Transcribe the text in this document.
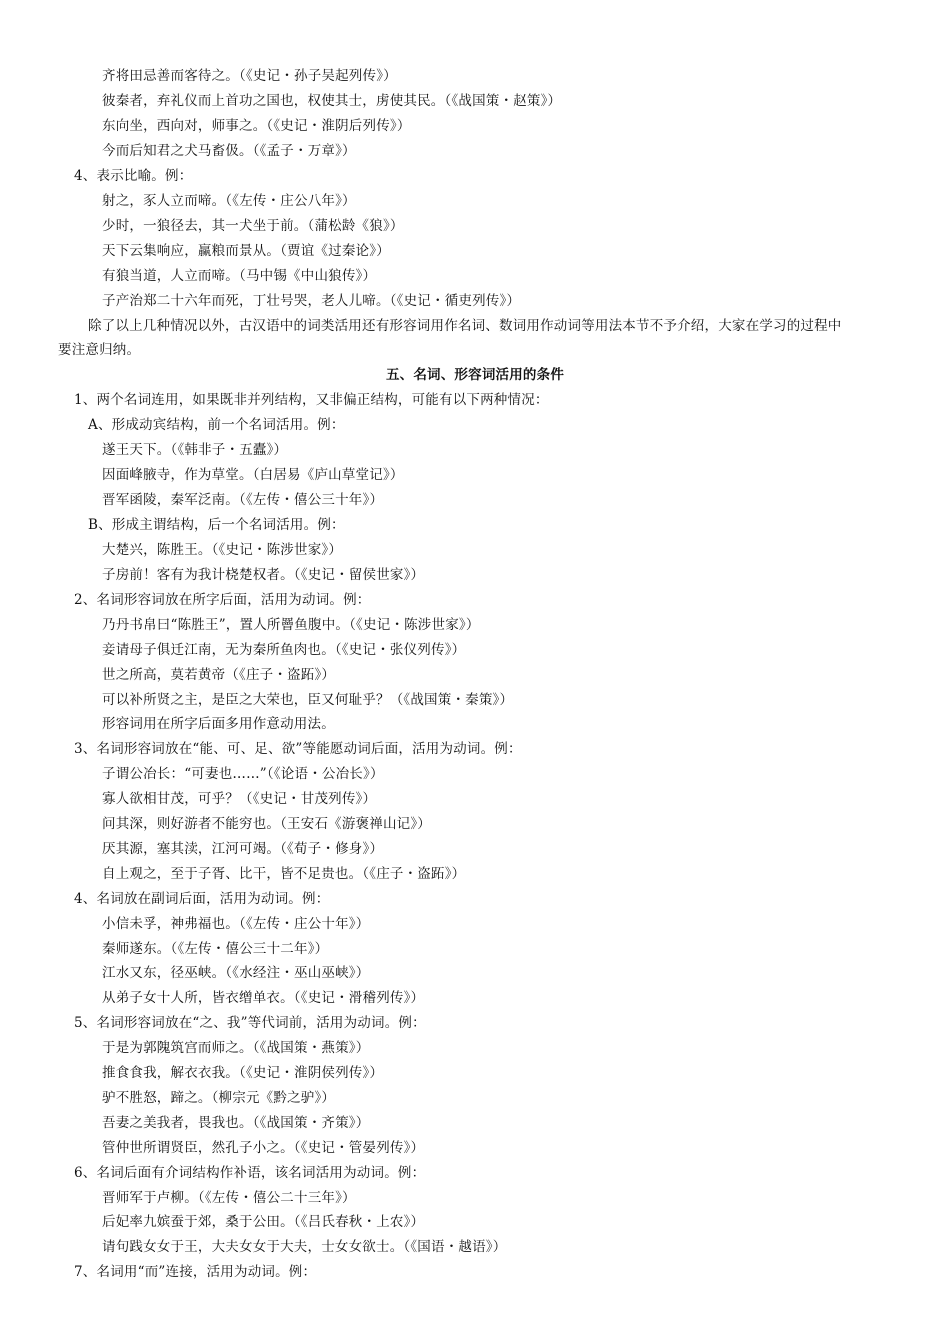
齐将田忌善而客待之。（《史记・孙子吴起列传》）
彼秦者，弃礼仪而上首功之国也，权使其士，虏使其民。（《战国策・赵策》）
东向坐，西向对，师事之。（《史记・淮阴后列传》）
今而后知君之犬马畜伋。（《孟子・万章》）
4、表示比喻。例：
射之，豕人立而啼。（《左传・庄公八年》）
少时，一狼径去，其一犬坐于前。（蒲松龄《狼》）
天下云集响应，赢粮而景从。（贾谊《过秦论》）
有狼当道，人立而啼。（马中锡《中山狼传》）
子产治郑二十六年而死，丁壮号哭，老人儿啼。（《史记・循吏列传》）
除了以上几种情况以外，古汉语中的词类活用还有形容词用作名词、数词用作动词等用法本节不予介绍，大家在学习的过程中
要注意归纳。
五、名词、形容词活用的条件
1、两个名词连用，如果既非并列结构，又非偏正结构，可能有以下两种情况：
A、形成动宾结构，前一个名词活用。例：
遂王天下。（《韩非子・五蠹》）
因面峰腋寺，作为草堂。（白居易《庐山草堂记》）
晋军函陵，秦军泛南。（《左传・僖公三十年》）
B、形成主谓结构，后一个名词活用。例：
大楚兴，陈胜王。（《史记・陈涉世家》）
子房前！客有为我计桡楚权者。（《史记・留侯世家》）
2、名词形容词放在所字后面，活用为动词。例：
乃丹书帛曰“陈胜王”，置人所罾鱼腹中。（《史记・陈涉世家》）
妾请母子俱迁江南，无为秦所鱼肉也。（《史记・张仪列传》）
世之所高，莫若黄帝（《庄子・盗跖》）
可以补所贤之主，是臣之大荣也，臣又何耻乎？（《战国策・秦策》）
形容词用在所字后面多用作意动用法。
3、名词形容词放在“能、可、足、欲”等能愿动词后面，活用为动词。例：
子谓公冶长：“可妻也……”（《论语・公冶长》）
寡人欲相甘茂，可乎？（《史记・甘茂列传》）
问其深，则好游者不能穷也。（王安石《游褒禅山记》）
厌其源，塞其渎，江河可竭。（《荀子・修身》）
自上观之，至于子胥、比干，皆不足贵也。（《庄子・盗跖》）
4、名词放在副词后面，活用为动词。例：
小信未孚，神弗福也。（《左传・庄公十年》）
秦师遂东。（《左传・僖公三十二年》）
江水又东，径巫峡。（《水经注・巫山巫峡》）
从弟子女十人所，皆衣缯单衣。（《史记・滑稽列传》）
5、名词形容词放在“之、我”等代词前，活用为动词。例：
于是为郭隗筑宫而师之。（《战国策・燕策》）
推食食我，解衣衣我。（《史记・淮阴侯列传》）
驴不胜怒，蹄之。（柳宗元《黔之驴》）
吾妻之美我者，畏我也。（《战国策・齐策》）
管仲世所谓贤臣，然孔子小之。（《史记・管晏列传》）
6、名词后面有介词结构作补语，该名词活用为动词。例：
晋师军于卢柳。（《左传・僖公二十三年》）
后妃率九嫔蚕于郊，桑于公田。（《吕氏春秋・上农》）
请句践女女于王，大夫女女于大夫，士女女欲士。（《国语・越语》）
7、名词用“而”连接，活用为动词。例：
